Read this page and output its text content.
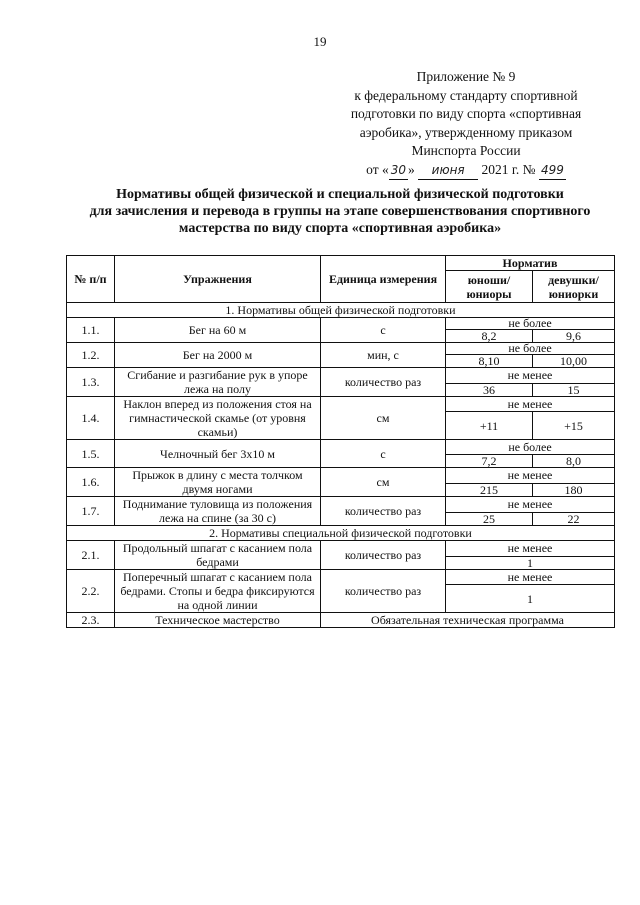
19
Приложение № 9
к федеральному стандарту спортивной
подготовки по виду спорта «спортивная
аэробика», утвержденному приказом
Минспорта России
от « 30 » июня 2021 г. № 499
Нормативы общей физической и специальной физической подготовки
для зачисления и перевода в группы на этапе совершенствования спортивного
мастерства по виду спорта «спортивная аэробика»
№ п/п	Упражнения	Единица измерения	Норматив	
			юноши/ юниоры	девушки/ юниорки
1. Нормативы общей физической подготовки				
1.1.	Бег на 60 м	с	не более	
			8,2	9,6
1.2.	Бег на 2000 м	мин, с	не более	
			8,10	10,00
1.3.	Сгибание и разгибание рук в упоре лежа на полу	количество раз	не менее	
			36	15
1.4.	Наклон вперед из положения стоя на гимнастической скамье (от уровня скамьи)	см	не менее	
			+11	+15
1.5.	Челночный бег 3х10 м	с	не более	
			7,2	8,0
1.6.	Прыжок в длину с места толчком двумя ногами	см	не менее	
			215	180
1.7.	Поднимание туловища из положения лежа на спине (за 30 с)	количество раз	не менее	
			25	22
2. Нормативы специальной физической подготовки				
2.1.	Продольный шпагат с касанием пола бедрами	количество раз	не менее	
			1	
2.2.	Поперечный шпагат с касанием пола бедрами. Стопы и бедра фиксируются на одной линии	количество раз	не менее	
			1	
2.3.	Техническое мастерство	Обязательная техническая программа		
